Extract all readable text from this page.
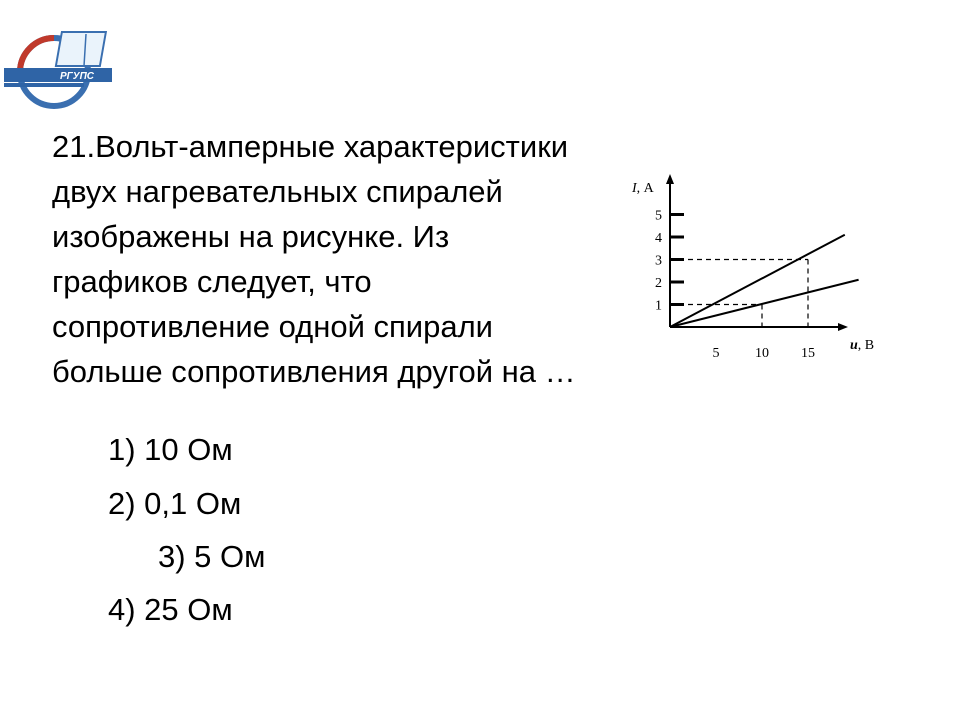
РГУПС
21.Вольт-амперные характеристики
двух нагревательных спиралей
изображены на рисунке. Из
графиков следует, что
сопротивление одной спирали
больше сопротивления другой на …
1) 10 Ом
2) 0,1 Ом
3) 5 Ом
4) 25 Ом
1
2
3
4
5
5	10 15
I, А
u, В
